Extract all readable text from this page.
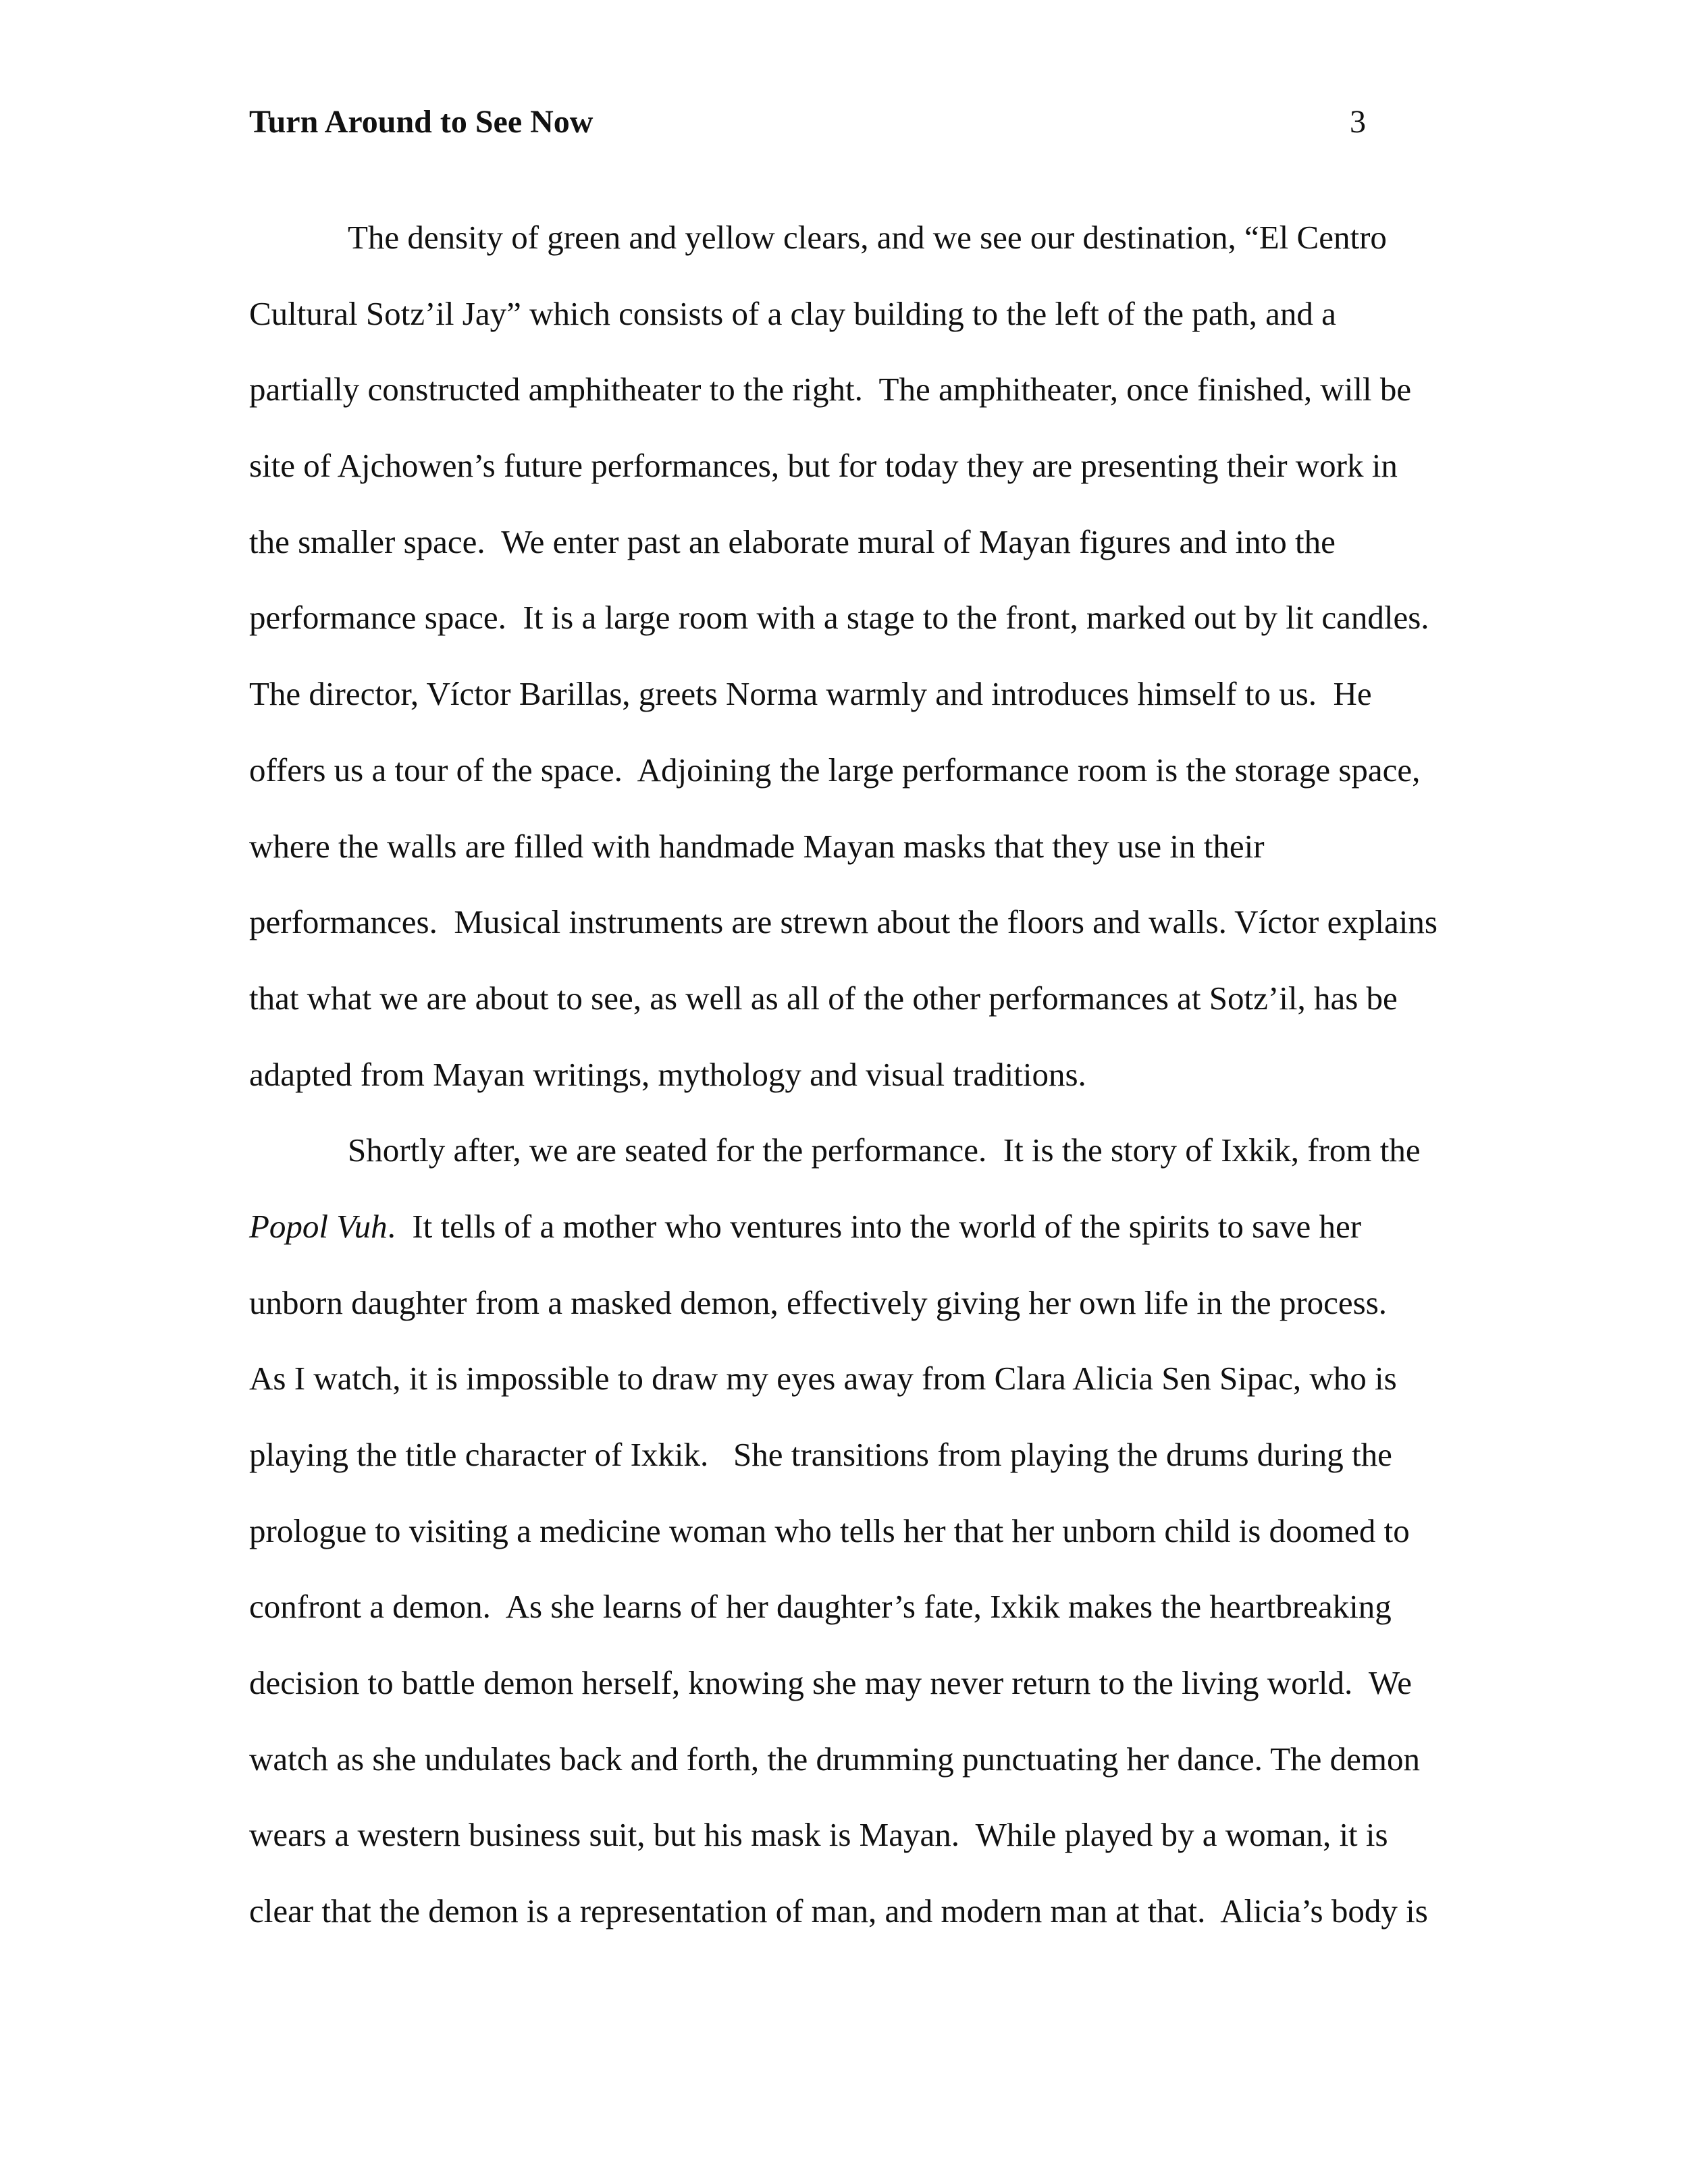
Turn Around to See Now	3
The density of green and yellow clears, and we see our destination, “El Centro
Cultural Sotz’il Jay” which consists of a clay building to the left of the path, and a
partially constructed amphitheater to the right.  The amphitheater, once finished, will be
site of Ajchowen’s future performances, but for today they are presenting their work in
the smaller space.  We enter past an elaborate mural of Mayan figures and into the
performance space.  It is a large room with a stage to the front, marked out by lit candles.
The director, Víctor Barillas, greets Norma warmly and introduces himself to us.  He
offers us a tour of the space.  Adjoining the large performance room is the storage space,
where the walls are filled with handmade Mayan masks that they use in their
performances.  Musical instruments are strewn about the floors and walls. Víctor explains
that what we are about to see, as well as all of the other performances at Sotz’il, has be
adapted from Mayan writings, mythology and visual traditions.
Shortly after, we are seated for the performance.  It is the story of Ixkik, from the
Popol Vuh.  It tells of a mother who ventures into the world of the spirits to save her
unborn daughter from a masked demon, effectively giving her own life in the process.
As I watch, it is impossible to draw my eyes away from Clara Alicia Sen Sipac, who is
playing the title character of Ixkik.   She transitions from playing the drums during the
prologue to visiting a medicine woman who tells her that her unborn child is doomed to
confront a demon.  As she learns of her daughter’s fate, Ixkik makes the heartbreaking
decision to battle demon herself, knowing she may never return to the living world.  We
watch as she undulates back and forth, the drumming punctuating her dance. The demon
wears a western business suit, but his mask is Mayan.  While played by a woman, it is
clear that the demon is a representation of man, and modern man at that.  Alicia’s body is
